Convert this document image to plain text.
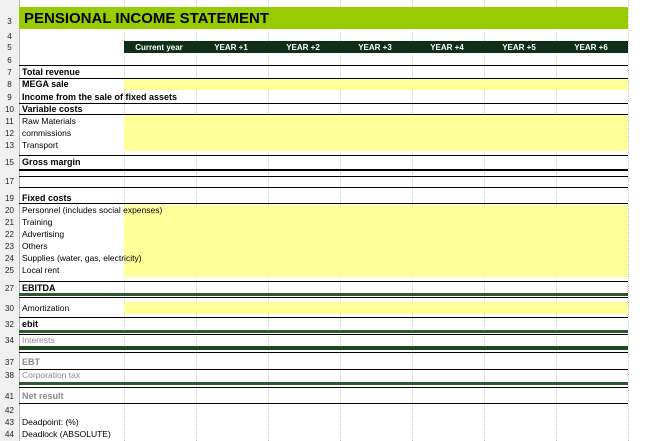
PENSIONAL INCOME STATEMENT
Current year	YEAR +1	YEAR +2	YEAR +3	YEAR +4	YEAR +5	YEAR +6
3
4
5
6
7	Total revenue
8	MEGA sale
9	Income from the sale of fixed assets
10 Variable costs
11 Raw Materials
12 commissions
13 Transport
15 Gross margin
17
19 Fixed costs
20 Personnel (includes social expenses)
21 Training
22 Advertising
23 Others
24 Supplies (water, gas, electricity)
25 Local rent
27 EBITDA
30 Amortization
32 ebit
34 Interests
37 EBT
38 Corporation tax
41 Net result
42
43 Deadpoint: (%)
44 Deadlock (ABSOLUTE)
